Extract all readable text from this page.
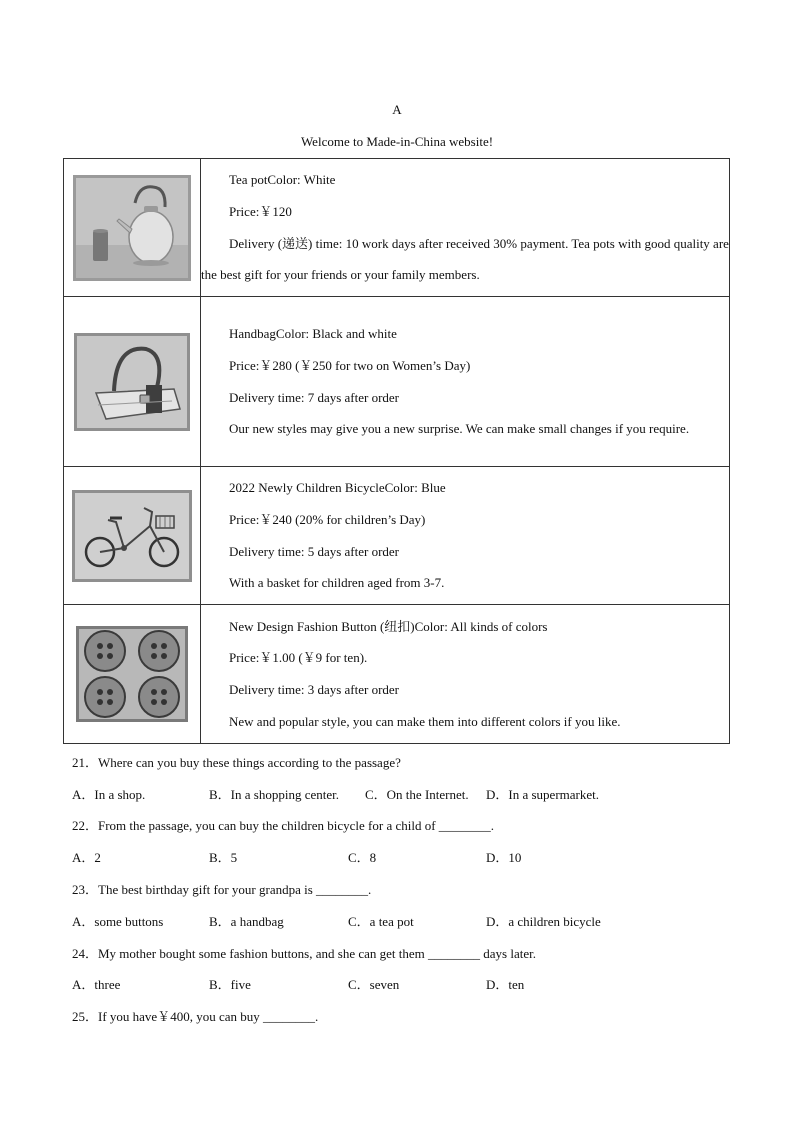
A
Welcome to Made-in-China website!

Tea potColor: White

Price:￥120

Delivery (递送) time: 10 work days after received 30% payment. Tea pots with good quality are the best gift for your friends or your family members.

HandbagColor: Black and white

Price:￥280 (￥250 for two on Women’s Day)

Delivery time: 7 days after order

Our new styles may give you a new surprise. We can make small changes if you require.

2022 Newly Children BicycleColor: Blue

Price:￥240 (20% for children’s Day)

Delivery time: 5 days after order

With a basket for children aged from 3-7.

New Design Fashion Button (纽扣)Color: All kinds of colors

Price:￥1.00 (￥9 for ten).

Delivery time: 3 days after order

New and popular style, you can make them into different colors if you like.

21．Where can you buy these things according to the passage?
A．In a shop.	B．In a shopping center. C．On the Internet. D．In a supermarket.
22．From the passage, you can buy the children bicycle for a child of ________.
A．2	B．5	C．8	D．10
23．The best birthday gift for your grandpa is ________.
A．some buttons	B．a handbag	C．a tea pot	D．a children bicycle
24．My mother bought some fashion buttons, and she can get them ________ days later.
A．three	B．five	C．seven	D．ten
25．If you have￥400, you can buy ________.
